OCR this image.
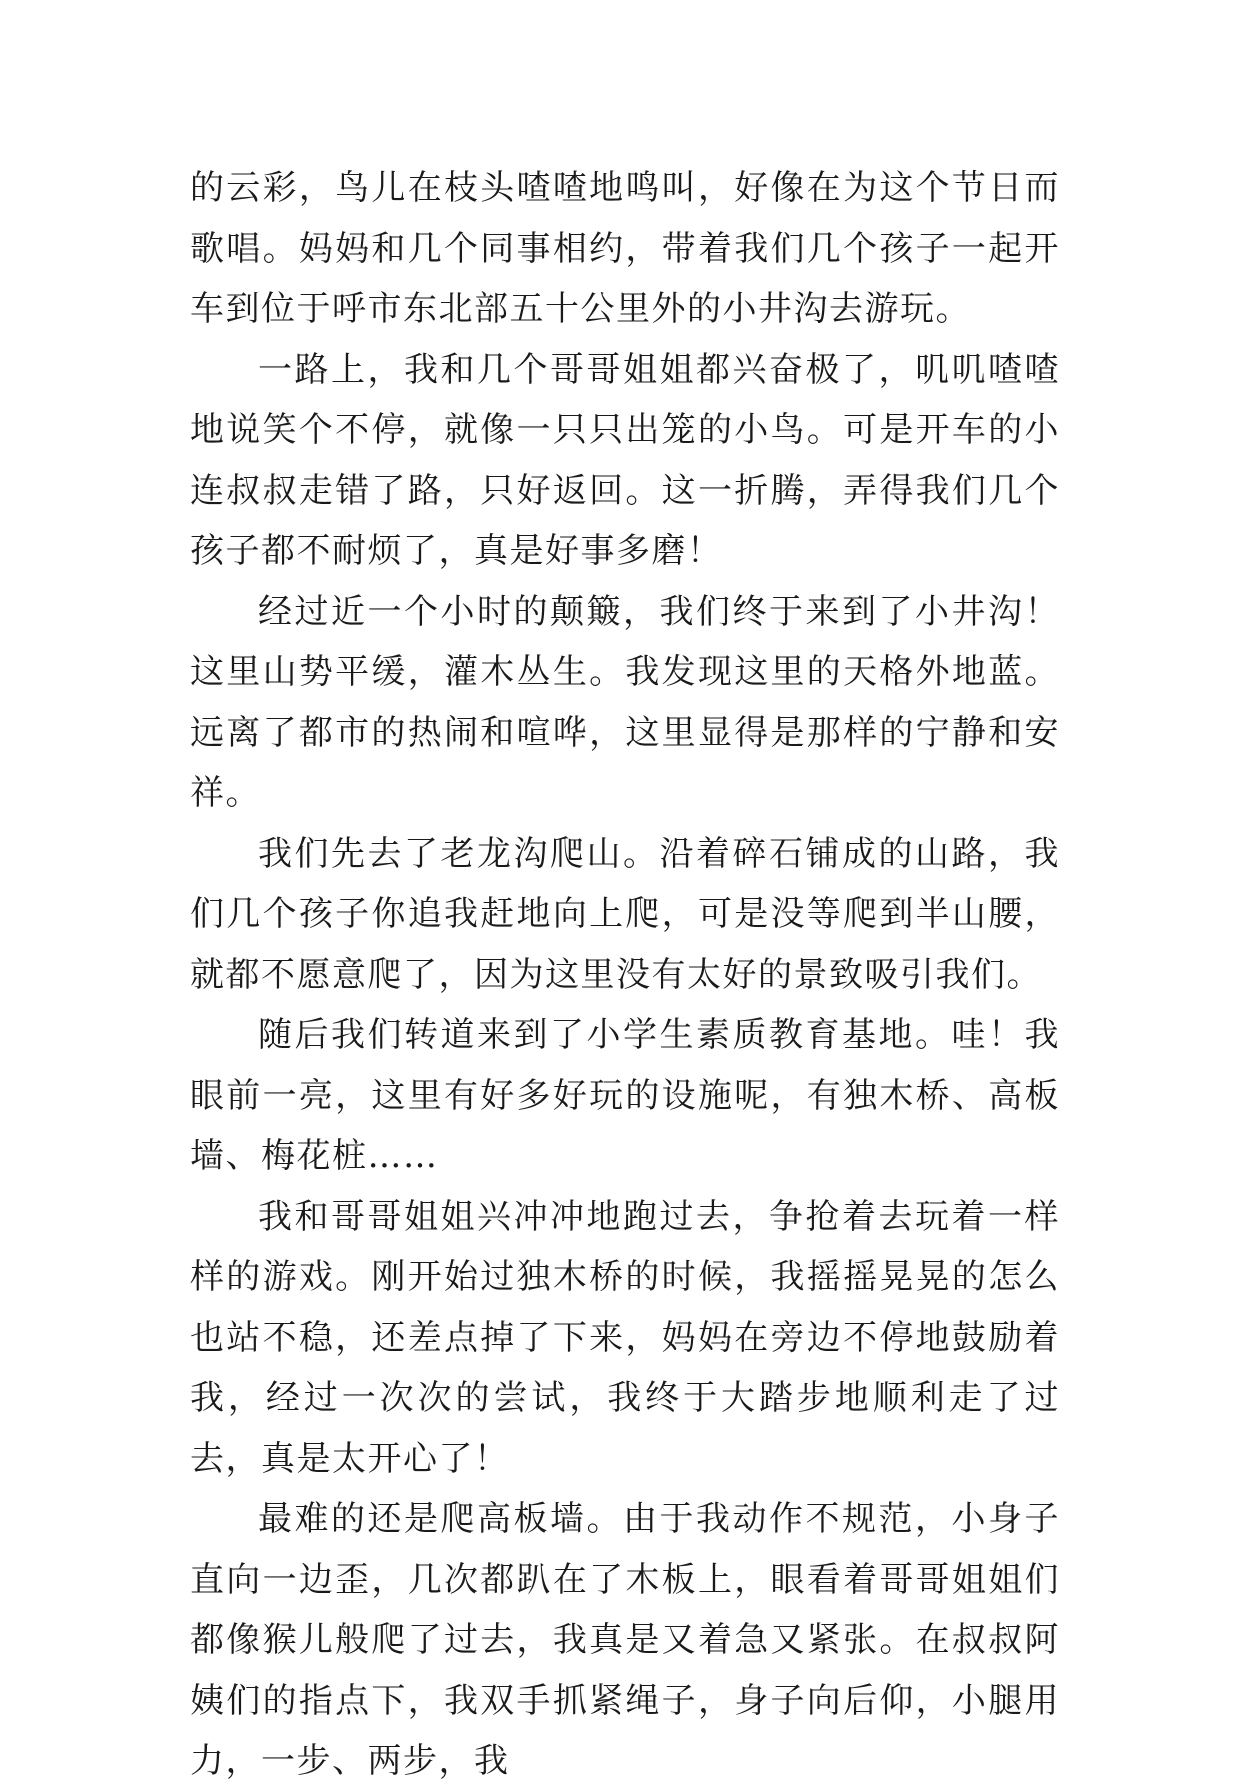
的云彩，鸟儿在枝头喳喳地鸣叫，好像在为这个节日而歌唱。妈妈和几个同事相约，带着我们几个孩子一起开车到位于呼市东北部五十公里外的小井沟去游玩。

一路上，我和几个哥哥姐姐都兴奋极了，叽叽喳喳地说笑个不停，就像一只只出笼的小鸟。可是开车的小连叔叔走错了路，只好返回。这一折腾，弄得我们几个孩子都不耐烦了，真是好事多磨！

经过近一个小时的颠簸，我们终于来到了小井沟！这里山势平缓，灌木丛生。我发现这里的天格外地蓝。远离了都市的热闹和喧哗，这里显得是那样的宁静和安祥。

我们先去了老龙沟爬山。沿着碎石铺成的山路，我们几个孩子你追我赶地向上爬，可是没等爬到半山腰，就都不愿意爬了，因为这里没有太好的景致吸引我们。

随后我们转道来到了小学生素质教育基地。哇！我眼前一亮，这里有好多好玩的设施呢，有独木桥、高板墙、梅花桩……

我和哥哥姐姐兴冲冲地跑过去，争抢着去玩着一样样的游戏。刚开始过独木桥的时候，我摇摇晃晃的怎么也站不稳，还差点掉了下来，妈妈在旁边不停地鼓励着我，经过一次次的尝试，我终于大踏步地顺利走了过去，真是太开心了！

最难的还是爬高板墙。由于我动作不规范，小身子直向一边歪，几次都趴在了木板上，眼看着哥哥姐姐们都像猴儿般爬了过去，我真是又着急又紧张。在叔叔阿姨们的指点下，我双手抓紧绳子，身子向后仰，小腿用力，一步、两步，我
